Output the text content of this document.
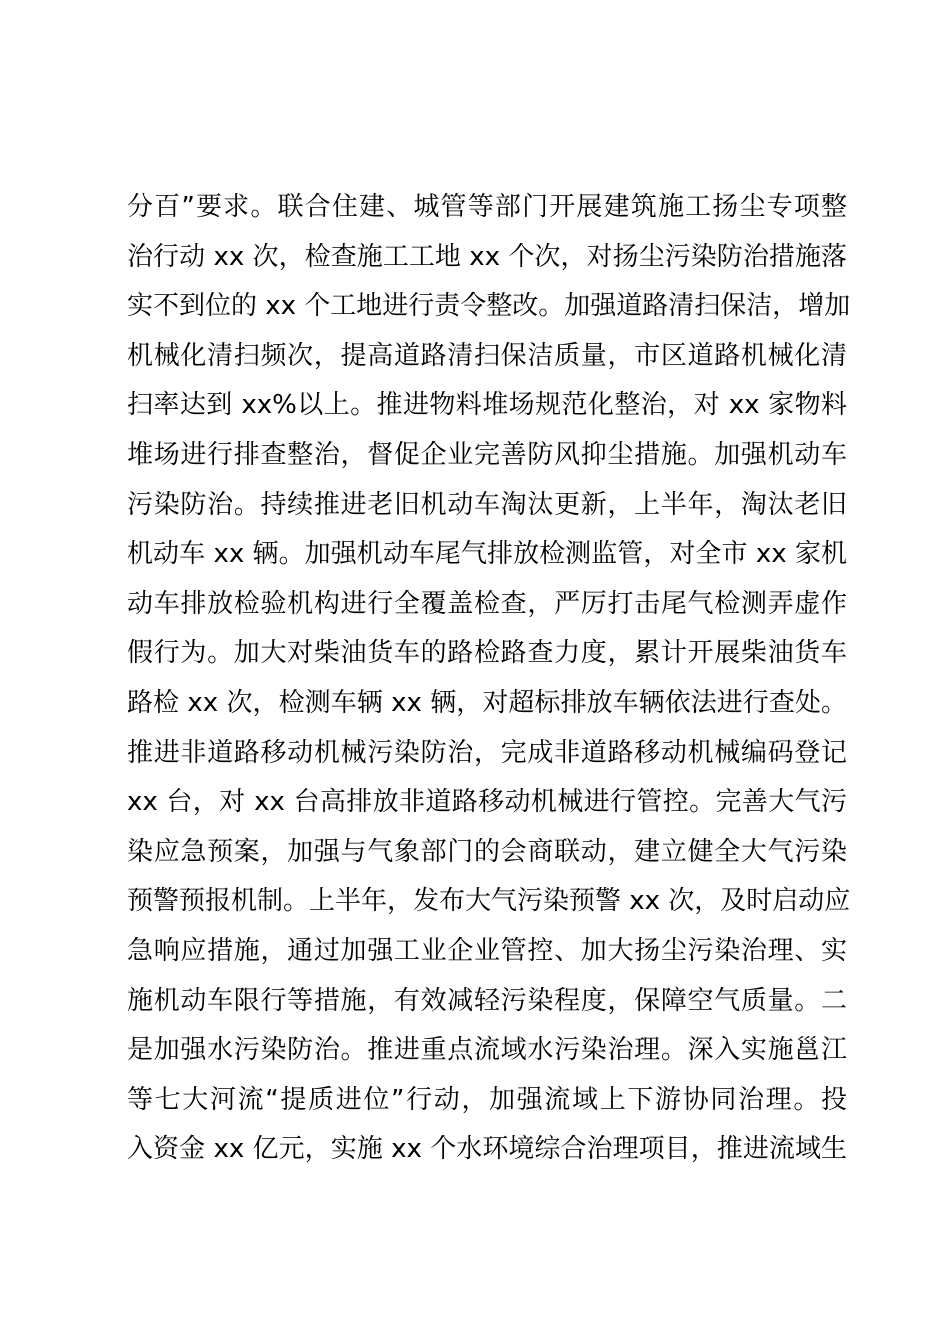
分百”要求。联合住建、城管等部门开展建筑施工扬尘专项整
治行动 xx 次，检查施工工地 xx 个次，对扬尘污染防治措施落
实不到位的 xx 个工地进行责令整改。加强道路清扫保洁，增加
机械化清扫频次，提高道路清扫保洁质量，市区道路机械化清
扫率达到 xx%以上。推进物料堆场规范化整治，对 xx 家物料
堆场进行排查整治，督促企业完善防风抑尘措施。加强机动车
污染防治。持续推进老旧机动车淘汰更新，上半年，淘汰老旧
机动车 xx 辆。加强机动车尾气排放检测监管，对全市 xx 家机
动车排放检验机构进行全覆盖检查，严厉打击尾气检测弄虚作
假行为。加大对柴油货车的路检路查力度，累计开展柴油货车
路检 xx 次，检测车辆 xx 辆，对超标排放车辆依法进行查处。
推进非道路移动机械污染防治，完成非道路移动机械编码登记
xx 台，对 xx 台高排放非道路移动机械进行管控。完善大气污
染应急预案，加强与气象部门的会商联动，建立健全大气污染
预警预报机制。上半年，发布大气污染预警 xx 次，及时启动应
急响应措施，通过加强工业企业管控、加大扬尘污染治理、实
施机动车限行等措施，有效减轻污染程度，保障空气质量。二
是加强水污染防治。推进重点流域水污染治理。深入实施邕江
等七大河流“提质进位”行动，加强流域上下游协同治理。投
入资金 xx 亿元，实施 xx 个水环境综合治理项目，推进流域生
